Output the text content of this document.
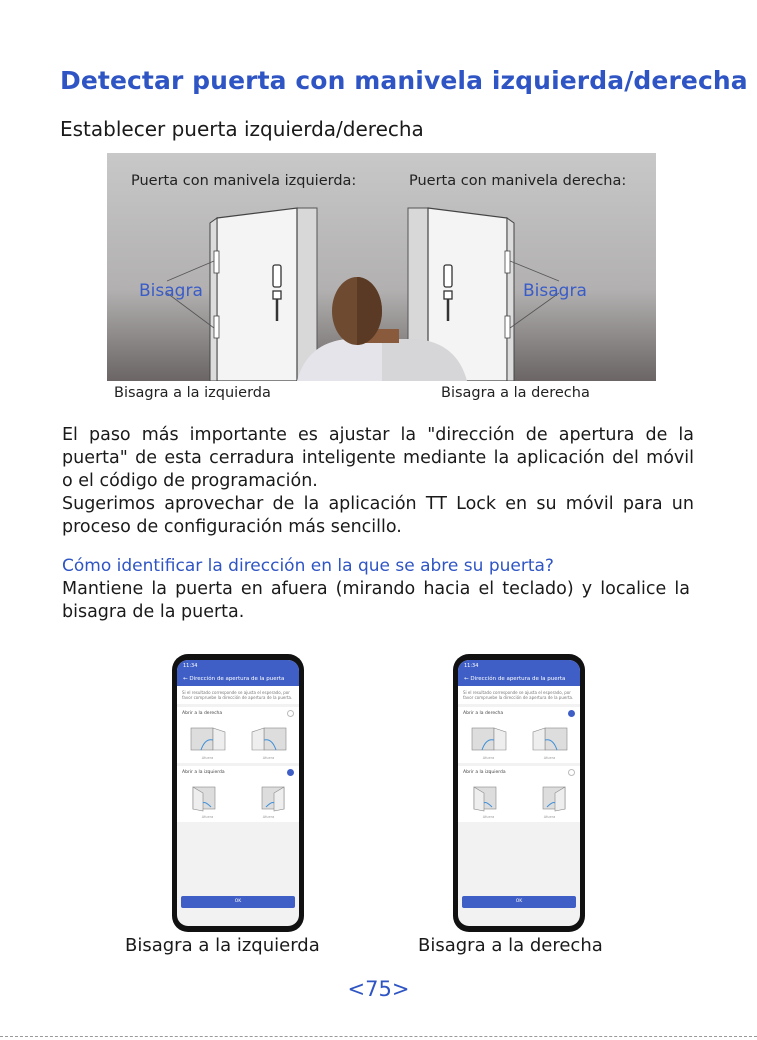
Detectar puerta con manivela izquierda/derecha
Establecer puerta izquierda/derecha
Puerta con manivela izquierda:	Puerta con manivela derecha:
Bisagra	Bisagra
Bisagra a la izquierda	Bisagra a la derecha

El paso más importante es ajustar la "dirección de apertura de la puerta" de esta cerradura inteligente mediante la aplicación del móvil o el código de programación.

Sugerimos aprovechar de la aplicación TT Lock en su móvil para un proceso de configuración más sencillo.

Cómo identificar la dirección en la que se abre su puerta?
Mantiene la puerta en afuera (mirando hacia el teclado) y localice la bisagra de la puerta.
11:34
← Dirección de apertura de la puerta
Si el resultado corresponde se ajusta el esperado, por favor compruebe la dirección de apertura de la puerta.
Abrir a la derecha
Afuera	Afuera
Abrir a la izquierda
Afuera	Afuera
OK
11:34
← Dirección de apertura de la puerta
Si el resultado corresponde se ajusta el esperado, por favor compruebe la dirección de apertura de la puerta.
Abrir a la derecha
Afuera	Afuera
Abrir a la izquierda
Afuera	Afuera
OK
Bisagra a la izquierda	Bisagra a la derecha
<75>
